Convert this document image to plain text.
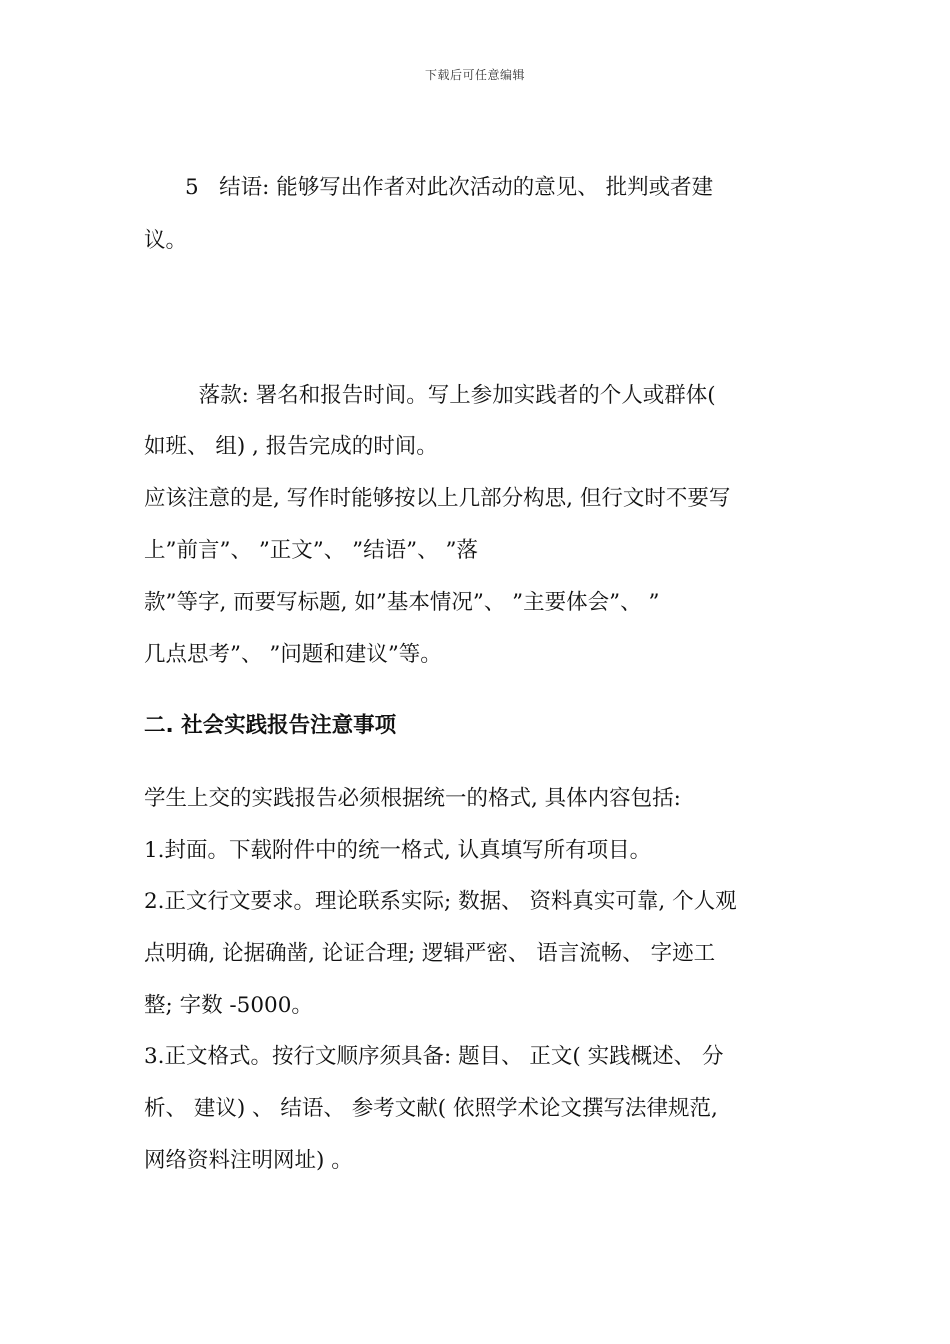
下载后可任意编辑
5   结语: 能够写出作者对此次活动的意见、 批判或者建
议。
落款: 署名和报告时间。写上参加实践者的个人或群体(
如班、 组) , 报告完成的时间。
应该注意的是, 写作时能够按以上几部分构思, 但行文时不要写
上”前言”、 ”正文”、 ”结语”、 ”落
款”等字, 而要写标题, 如”基本情况”、 ”主要体会”、 ”
几点思考”、 ”问题和建议”等。
二. 社会实践报告注意事项
学生上交的实践报告必须根据统一的格式, 具体内容包括:
1.封面。下载附件中的统一格式, 认真填写所有项目。
2.正文行文要求。理论联系实际; 数据、 资料真实可靠, 个人观
点明确, 论据确凿, 论证合理; 逻辑严密、 语言流畅、 字迹工
整; 字数 -5000。
3.正文格式。按行文顺序须具备: 题目、 正文( 实践概述、 分
析、 建议) 、 结语、 参考文献( 依照学术论文撰写法律规范,
网络资料注明网址) 。
